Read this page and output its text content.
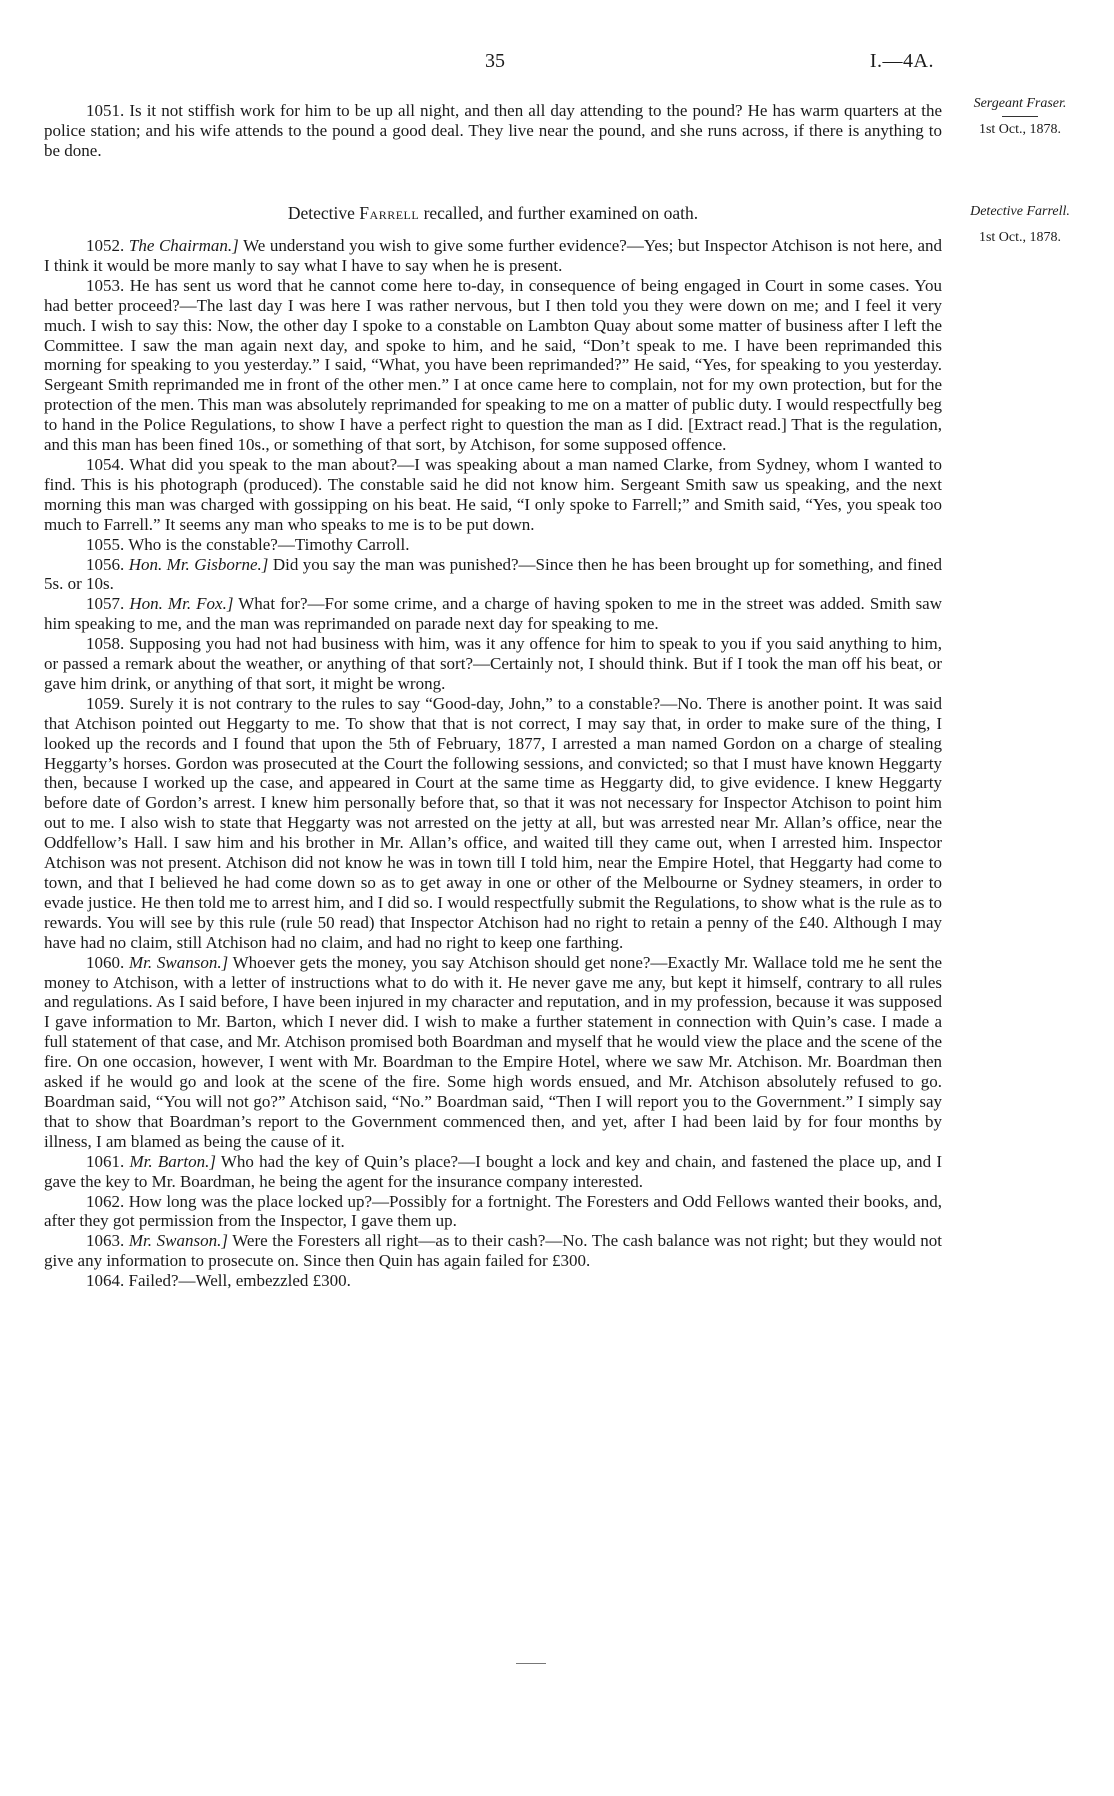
35	I.—4A.
Sergeant Fraser.
1st Oct., 1878.

1051. Is it not stiffish work for him to be up all night, and then all day attending to the pound? He has warm quarters at the police station; and his wife attends to the pound a good deal. They live near the pound, and she runs across, if there is anything to be done.

Detective Farrell recalled, and further examined on oath.	Detective Farrell.
1st Oct., 1878.

1052. The Chairman.] We understand you wish to give some further evidence?—Yes; but Inspector Atchison is not here, and I think it would be more manly to say what I have to say when he is present.

1053. He has sent us word that he cannot come here to-day, in consequence of being engaged in Court in some cases. You had better proceed?—The last day I was here I was rather nervous, but I then told you they were down on me; and I feel it very much. I wish to say this: Now, the other day I spoke to a constable on Lambton Quay about some matter of business after I left the Committee. I saw the man again next day, and spoke to him, and he said, “Don’t speak to me. I have been reprimanded this morning for speaking to you yesterday.” I said, “What, you have been reprimanded?” He said, “Yes, for speaking to you yesterday. Sergeant Smith reprimanded me in front of the other men.” I at once came here to complain, not for my own protection, but for the protection of the men. This man was absolutely reprimanded for speaking to me on a matter of public duty. I would respectfully beg to hand in the Police Regulations, to show I have a perfect right to question the man as I did. [Extract read.] That is the regulation, and this man has been fined 10s., or something of that sort, by Atchison, for some supposed offence.

1054. What did you speak to the man about?—I was speaking about a man named Clarke, from Sydney, whom I wanted to find. This is his photograph (produced). The constable said he did not know him. Sergeant Smith saw us speaking, and the next morning this man was charged with gossipping on his beat. He said, “I only spoke to Farrell;” and Smith said, “Yes, you speak too much to Farrell.” It seems any man who speaks to me is to be put down.

1055. Who is the constable?—Timothy Carroll.

1056. Hon. Mr. Gisborne.] Did you say the man was punished?—Since then he has been brought up for something, and fined 5s. or 10s.

1057. Hon. Mr. Fox.] What for?—For some crime, and a charge of having spoken to me in the street was added. Smith saw him speaking to me, and the man was reprimanded on parade next day for speaking to me.

1058. Supposing you had not had business with him, was it any offence for him to speak to you if you said anything to him, or passed a remark about the weather, or anything of that sort?—Certainly not, I should think. But if I took the man off his beat, or gave him drink, or anything of that sort, it might be wrong.

1059. Surely it is not contrary to the rules to say “Good-day, John,” to a constable?—No. There is another point. It was said that Atchison pointed out Heggarty to me. To show that that is not correct, I may say that, in order to make sure of the thing, I looked up the records and I found that upon the 5th of February, 1877, I arrested a man named Gordon on a charge of stealing Heggarty’s horses. Gordon was prosecuted at the Court the following sessions, and convicted; so that I must have known Heggarty then, because I worked up the case, and appeared in Court at the same time as Heggarty did, to give evidence. I knew Heggarty before date of Gordon’s arrest. I knew him personally before that, so that it was not necessary for Inspector Atchison to point him out to me. I also wish to state that Heggarty was not arrested on the jetty at all, but was arrested near Mr. Allan’s office, near the Oddfellow’s Hall. I saw him and his brother in Mr. Allan’s office, and waited till they came out, when I arrested him. Inspector Atchison was not present. Atchison did not know he was in town till I told him, near the Empire Hotel, that Heggarty had come to town, and that I believed he had come down so as to get away in one or other of the Melbourne or Sydney steamers, in order to evade justice. He then told me to arrest him, and I did so. I would respectfully submit the Regulations, to show what is the rule as to rewards. You will see by this rule (rule 50 read) that Inspector Atchison had no right to retain a penny of the £40. Although I may have had no claim, still Atchison had no claim, and had no right to keep one farthing.

1060. Mr. Swanson.] Whoever gets the money, you say Atchison should get none?—Exactly Mr. Wallace told me he sent the money to Atchison, with a letter of instructions what to do with it. He never gave me any, but kept it himself, contrary to all rules and regulations. As I said before, I have been injured in my character and reputation, and in my profession, because it was supposed I gave information to Mr. Barton, which I never did. I wish to make a further statement in connection with Quin’s case. I made a full statement of that case, and Mr. Atchison promised both Boardman and myself that he would view the place and the scene of the fire. On one occasion, however, I went with Mr. Boardman to the Empire Hotel, where we saw Mr. Atchison. Mr. Boardman then asked if he would go and look at the scene of the fire. Some high words ensued, and Mr. Atchison absolutely refused to go. Boardman said, “You will not go?” Atchison said, “No.” Boardman said, “Then I will report you to the Government.” I simply say that to show that Boardman’s report to the Government commenced then, and yet, after I had been laid by for four months by illness, I am blamed as being the cause of it.

1061. Mr. Barton.] Who had the key of Quin’s place?—I bought a lock and key and chain, and fastened the place up, and I gave the key to Mr. Boardman, he being the agent for the insurance company interested.

1062. How long was the place locked up?—Possibly for a fortnight. The Foresters and Odd Fellows wanted their books, and, after they got permission from the Inspector, I gave them up.

1063. Mr. Swanson.] Were the Foresters all right—as to their cash?—No. The cash balance was not right; but they would not give any information to prosecute on. Since then Quin has again failed for £300.

1064. Failed?—Well, embezzled £300.
